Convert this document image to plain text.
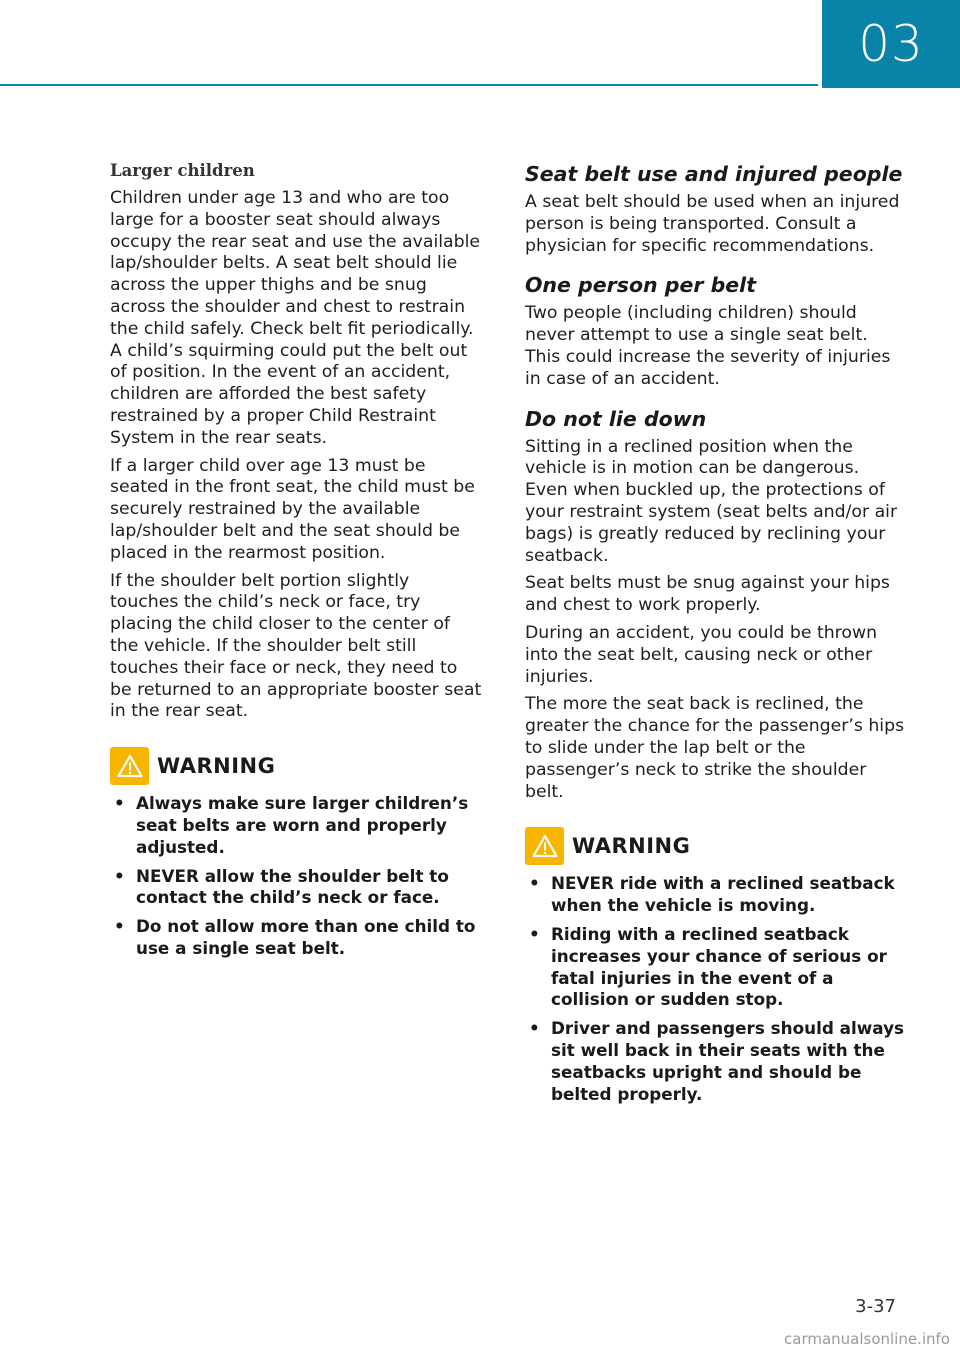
03
Larger children

Children under age 13 and who are too large for a booster seat should always occupy the rear seat and use the available lap/shoulder belts. A seat belt should lie across the upper thighs and be snug across the shoulder and chest to restrain the child safely. Check belt fit periodically. A child’s squirming could put the belt out of position. In the event of an accident, children are afforded the best safety restrained by a proper Child Restraint System in the rear seats.

If a larger child over age 13 must be seated in the front seat, the child must be securely restrained by the available lap/shoulder belt and the seat should be placed in the rearmost position.

If the shoulder belt portion slightly touches the child’s neck or face, try placing the child closer to the center of the vehicle. If the shoulder belt still touches their face or neck, they need to be returned to an appropriate booster seat in the rear seat.

WARNING
• Always make sure larger children’s seat belts are worn and properly adjusted.
• NEVER allow the shoulder belt to contact the child’s neck or face.
• Do not allow more than one child to use a single seat belt.
Seat belt use and injured people

A seat belt should be used when an injured person is being transported. Consult a physician for specific recommendations.

One person per belt

Two people (including children) should never attempt to use a single seat belt. This could increase the severity of injuries in case of an accident.

Do not lie down

Sitting in a reclined position when the vehicle is in motion can be dangerous. Even when buckled up, the protections of your restraint system (seat belts and/or air bags) is greatly reduced by reclining your seatback.

Seat belts must be snug against your hips and chest to work properly.

During an accident, you could be thrown into the seat belt, causing neck or other injuries.

The more the seat back is reclined, the greater the chance for the passenger’s hips to slide under the lap belt or the passenger’s neck to strike the shoulder belt.

WARNING
• NEVER ride with a reclined seatback when the vehicle is moving.
• Riding with a reclined seatback increases your chance of serious or fatal injuries in the event of a collision or sudden stop.
• Driver and passengers should always sit well back in their seats with the seatbacks upright and should be belted properly.
3-37
carmanualsonline.info
